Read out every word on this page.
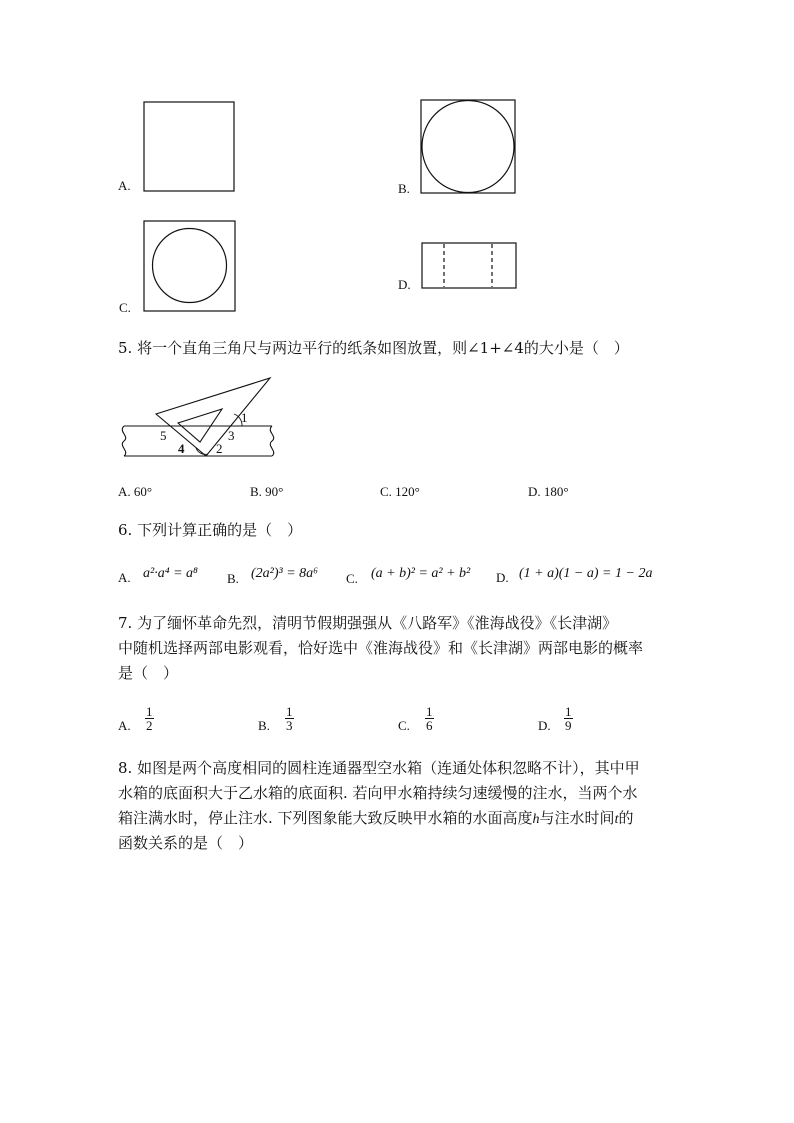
A.	B.
C.
D.
5. 将一个直角三角尺与两边平行的纸条如图放置，则∠1+∠4的大小是（　）
1
2
3
4
5
A. 60°	B. 90°	C. 120°	D. 180°
6. 下列计算正确的是（　）
A. a²·a⁴ = a⁸ B. (2a²)³ = 8a⁶ C. (a + b)² = a² + b² D. (1 + a)(1 − a) = 1 − 2a
7. 为了缅怀革命先烈，清明节假期强强从《八路军》《淮海战役》《长津湖》
中随机选择两部电影观看，恰好选中《淮海战役》和《长津湖》两部电影的概率
是（　）
A. $\frac{1}{2}$	B. $\frac{1}{3}$	C. $\frac{1}{6}$	D. $\frac{1}{9}$
8. 如图是两个高度相同的圆柱连通器型空水箱（连通处体积忽略不计），其中甲
水箱的底面积大于乙水箱的底面积. 若向甲水箱持续匀速缓慢的注水，当两个水
箱注满水时，停止注水. 下列图象能大致反映甲水箱的水面高度h与注水时间t的
函数关系的是（　）
